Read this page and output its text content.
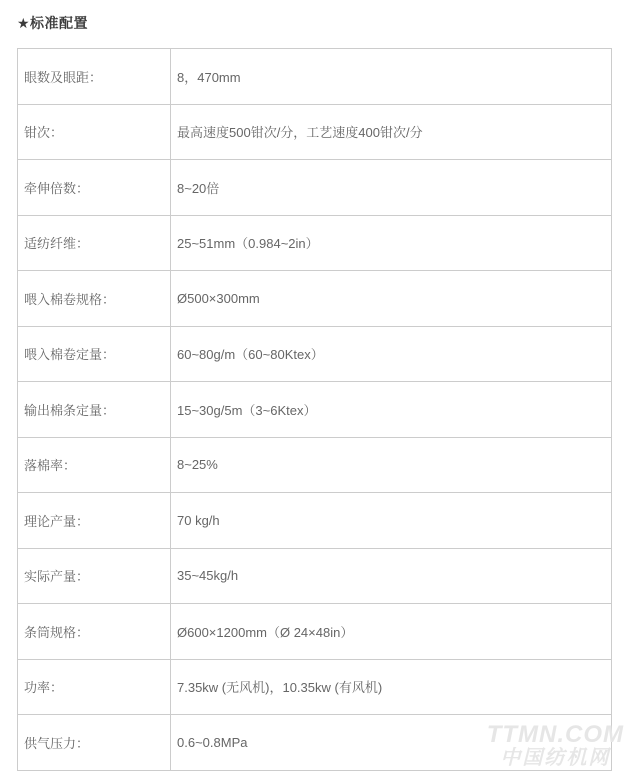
★标准配置
眼数及眼距：	8，470mm
钳次：	最高速度500钳次/分，工艺速度400钳次/分
牵伸倍数：	8~20倍
适纺纤维：	25~51mm（0.984~2in）
喂入棉卷规格：	Ø500×300mm
喂入棉卷定量：	60~80g/m（60~80Ktex）
输出棉条定量：	15~30g/5m（3~6Ktex）
落棉率：	8~25%
理论产量：	70 kg/h
实际产量：	35~45kg/h
条筒规格：	Ø600×1200mm（Ø 24×48in）
功率：	7.35kw (无风机)，10.35kw (有风机)
供气压力：	0.6~0.8MPa	TTMN.COM
中国纺机网
